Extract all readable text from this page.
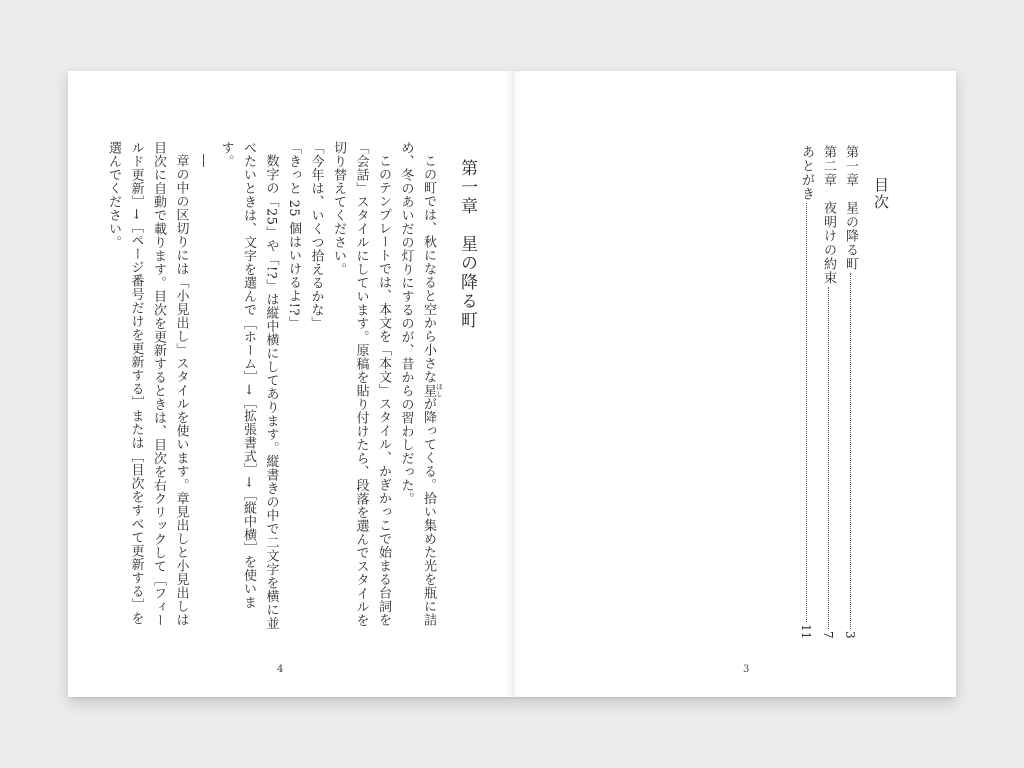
第一章　星の降る町

この町では、秋になると空から小さな星 ほしが降ってくる。拾い集めた光を瓶に詰め、冬のあいだの灯りにするのが、昔からの習わしだった。

このテンプレートでは、本文を「本文」スタイル、かぎかっこで始まる台詞を「会話」スタイルにしています。原稿を貼り付けたら、段落を選んでスタイルを切り替えてください。

「今年は、いくつ拾えるかな」

「きっと 25 個はいけるよ!?」

数字の「25」や「!?」は縦中横にしてあります。縦書きの中で二文字を横に並べたいときは、文字を選んで［ホーム］→［拡張書式］→［縦中横］を使います。

―

章の中の区切りには「小見出し」スタイルを使います。章見出しと小見出しは目次に自動で載ります。目次を更新するときは、目次を右クリックして［フィールド更新］→［ページ番号だけを更新する］または［目次をすべて更新する］を選んでください。

4
目次
第一章　星の降る町
3
第二章　夜明けの約束
7
あとがき
11
3
